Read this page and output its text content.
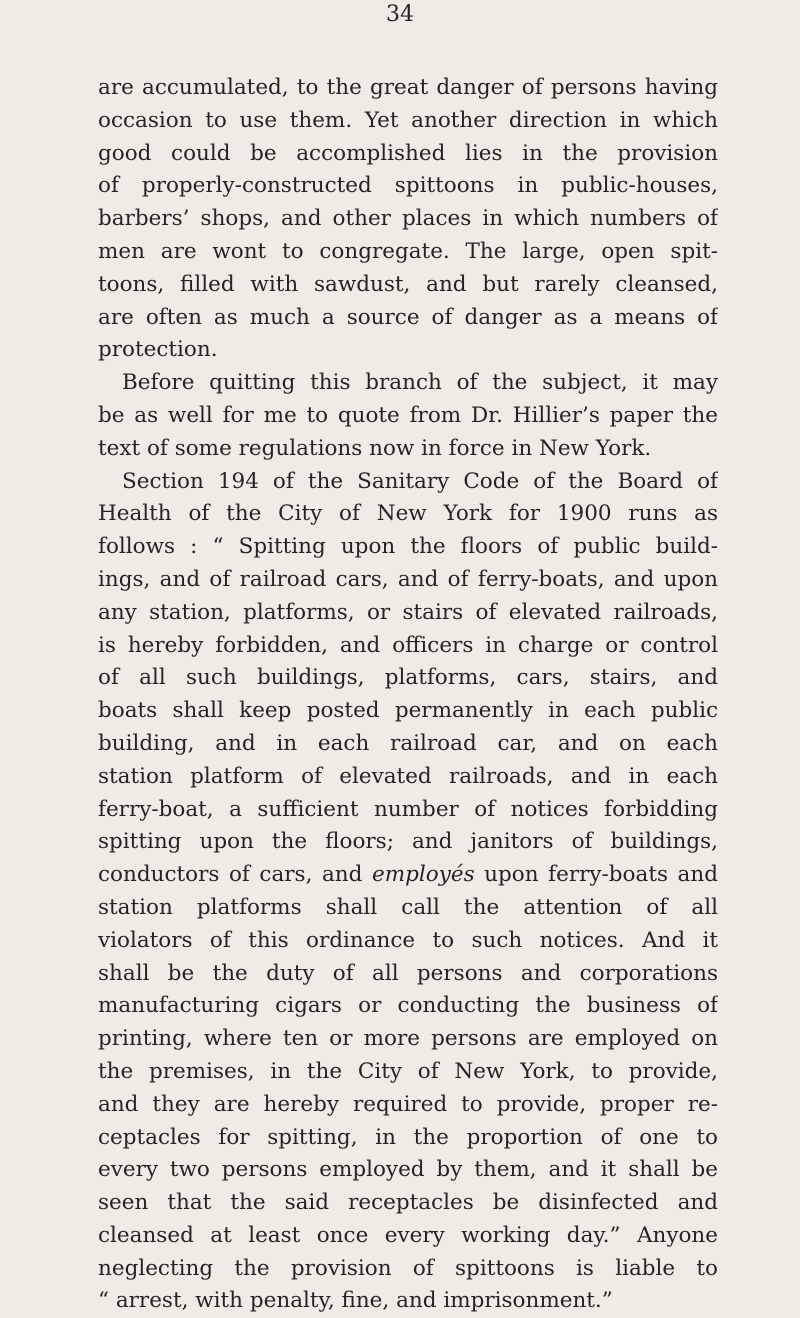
34
are accumulated, to the great danger of persons having
occasion to use them. Yet another direction in which
good could be accomplished lies in the provision
of properly-constructed spittoons in public-houses,
barbers’ shops, and other places in which numbers of
men are wont to congregate. The large, open spit-
toons, filled with sawdust, and but rarely cleansed,
are often as much a source of danger as a means of
protection.
Before quitting this branch of the subject, it may
be as well for me to quote from Dr. Hillier’s paper the
text of some regulations now in force in New York.
Section 194 of the Sanitary Code of the Board of
Health of the City of New York for 1900 runs as
follows : “ Spitting upon the floors of public build-
ings, and of railroad cars, and of ferry-boats, and upon
any station, platforms, or stairs of elevated railroads,
is hereby forbidden, and officers in charge or control
of all such buildings, platforms, cars, stairs, and
boats shall keep posted permanently in each public
building, and in each railroad car, and on each
station platform of elevated railroads, and in each
ferry-boat, a sufficient number of notices forbidding
spitting upon the floors; and janitors of buildings,
conductors of cars, and employés upon ferry-boats and
station platforms shall call the attention of all
violators of this ordinance to such notices. And it
shall be the duty of all persons and corporations
manufacturing cigars or conducting the business of
printing, where ten or more persons are employed on
the premises, in the City of New York, to provide,
and they are hereby required to provide, proper re-
ceptacles for spitting, in the proportion of one to
every two persons employed by them, and it shall be
seen that the said receptacles be disinfected and
cleansed at least once every working day.” Anyone
neglecting the provision of spittoons is liable to
“ arrest, with penalty, fine, and imprisonment.”
